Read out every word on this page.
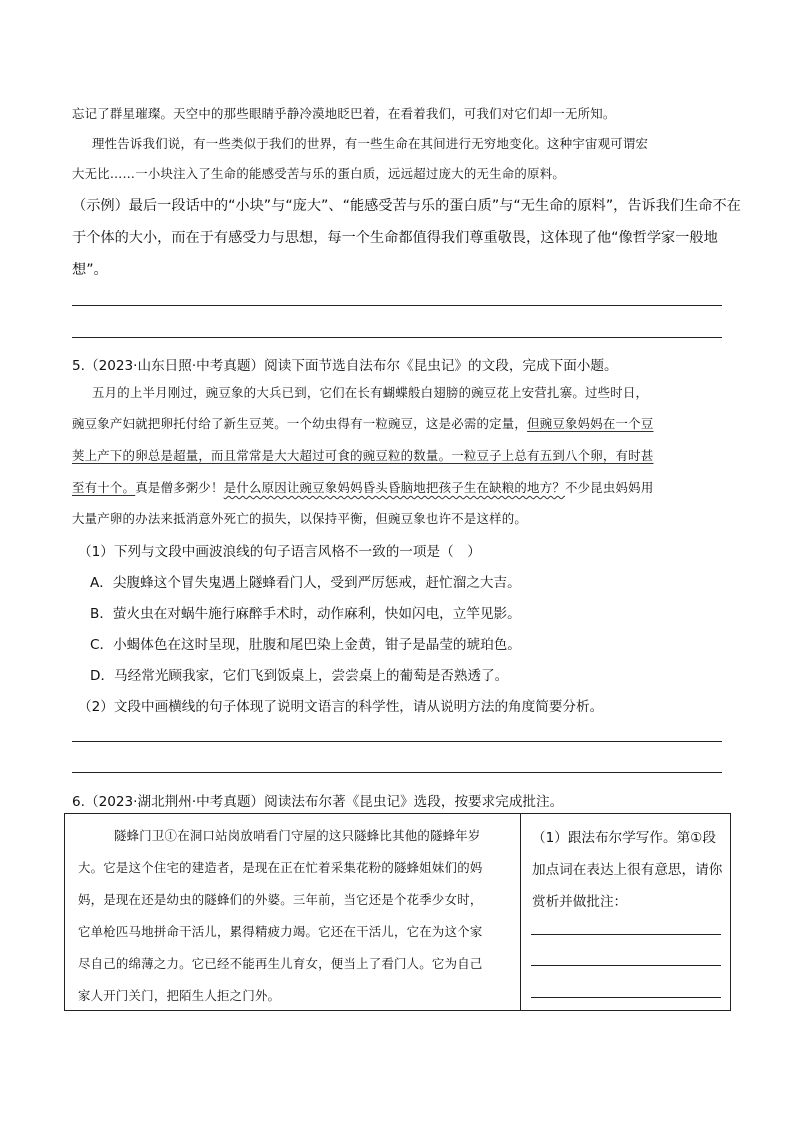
忘记了群星璀璨。天空中的那些眼睛乎静冷漠地眨巴着，在看着我们，可我们对它们却一无所知。
理性告诉我们说，有一些类似于我们的世界，有一些生命在其间进行无穷地变化。这种宇宙观可谓宏
大无比……一小块注入了生命的能感受苦与乐的蛋白质，远远超过庞大的无生命的原料。
（示例）最后一段话中的“小块”与“庞大”、“能感受苦与乐的蛋白质”与“无生命的原料”，告诉我们生命不在
于个体的大小，而在于有感受力与思想，每一个生命都值得我们尊重敬畏，这体现了他“像哲学家一般地
想”。
5.（2023·山东日照·中考真题）阅读下面节选自法布尔《昆虫记》的文段，完成下面小题。
五月的上半月刚过，豌豆象的大兵已到，它们在长有蝴蝶般白翅膀的豌豆花上安营扎寨。过些时日，
豌豆象产妇就把卵托付给了新生豆荚。一个幼虫得有一粒豌豆，这是必需的定量，但豌豆象妈妈在一个豆
荚上产下的卵总是超量，而且常常是大大超过可食的豌豆粒的数量。一粒豆子上总有五到八个卵，有时甚
至有十个。真是僧多粥少！是什么原因让豌豆象妈妈昏头昏脑地把孩子生在缺粮的地方？不少昆虫妈妈用
大量产卵的办法来抵消意外死亡的损失，以保持平衡，但豌豆象也许不是这样的。
（1）下列与文段中画波浪线的句子语言风格不一致的一项是（　）
A．尖腹蜂这个冒失鬼遇上隧蜂看门人，受到严厉惩戒，赶忙溜之大吉。
B．萤火虫在对蜗牛施行麻醉手术时，动作麻利，快如闪电，立竿见影。
C．小蝎体色在这时呈现，肚腹和尾巴染上金黄，钳子是晶莹的琥珀色。
D．马经常光顾我家，它们飞到饭桌上，尝尝桌上的葡萄是否熟透了。
（2）文段中画横线的句子体现了说明文语言的科学性，请从说明方法的角度简要分析。
6.（2023·湖北荆州·中考真题）阅读法布尔著《昆虫记》选段，按要求完成批注。
隧蜂门卫①在洞口站岗放哨看门守屋的这只隧蜂比其他的隧蜂年岁
大。它是这个住宅的建造者，是现在正在忙着采集花粉的隧蜂姐妹们的妈
妈，是现在还是幼虫的隧蜂们的外婆。三年前，当它还是个花季少女时，
它单枪匹马地拼命干活儿，累得精疲力竭。它还在干活儿，它在为这个家
尽自己的绵薄之力。它已经不能再生儿育女，便当上了看门人。它为自己
家人开门关门，把陌生人拒之门外。
（1）跟法布尔学写作。第①段
加点词在表达上很有意思，请你
赏析并做批注：
